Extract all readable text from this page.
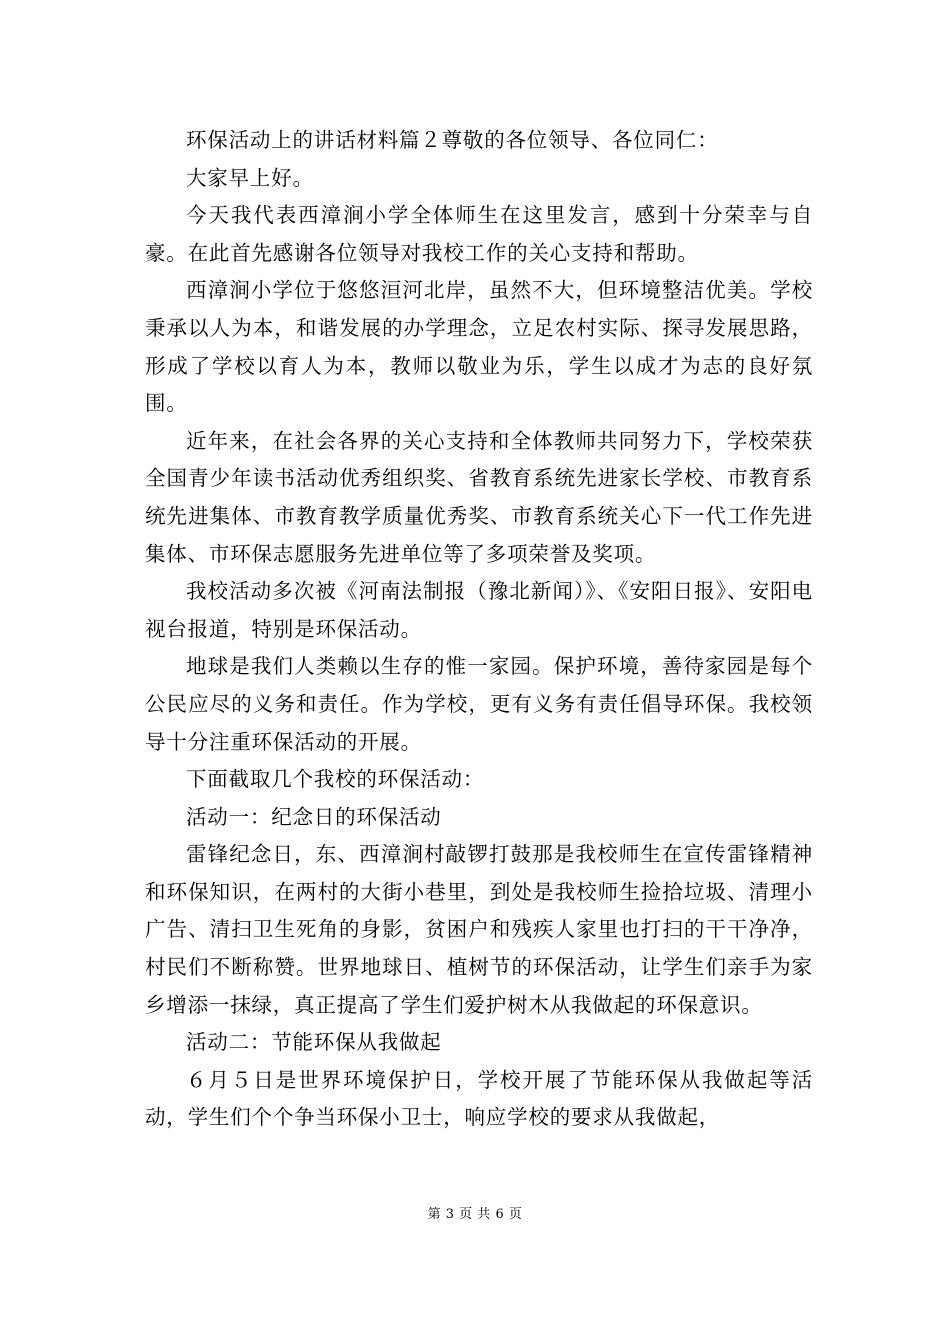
环保活动上的讲话材料篇２尊敬的各位领导、各位同仁：

大家早上好。

今天我代表西漳涧小学全体师生在这里发言，感到十分荣幸与自豪。在此首先感谢各位领导对我校工作的关心支持和帮助。

西漳涧小学位于悠悠洹河北岸，虽然不大，但环境整洁优美。学校秉承以人为本，和谐发展的办学理念，立足农村实际、探寻发展思路，形成了学校以育人为本，教师以敬业为乐，学生以成才为志的良好氛围。

近年来，在社会各界的关心支持和全体教师共同努力下，学校荣获全国青少年读书活动优秀组织奖、省教育系统先进家长学校、市教育系统先进集体、市教育教学质量优秀奖、市教育系统关心下一代工作先进集体、市环保志愿服务先进单位等了多项荣誉及奖项。

我校活动多次被《河南法制报（豫北新闻）》、《安阳日报》、安阳电视台报道，特别是环保活动。

地球是我们人类赖以生存的惟一家园。保护环境，善待家园是每个公民应尽的义务和责任。作为学校，更有义务有责任倡导环保。我校领导十分注重环保活动的开展。

下面截取几个我校的环保活动：

活动一：纪念日的环保活动

雷锋纪念日，东、西漳涧村敲锣打鼓那是我校师生在宣传雷锋精神和环保知识，在两村的大街小巷里，到处是我校师生捡拾垃圾、清理小广告、清扫卫生死角的身影，贫困户和残疾人家里也打扫的干干净净，村民们不断称赞。世界地球日、植树节的环保活动，让学生们亲手为家乡增添一抹绿，真正提高了学生们爱护树木从我做起的环保意识。

活动二：节能环保从我做起

６月５日是世界环境保护日，学校开展了节能环保从我做起等活动，学生们个个争当环保小卫士，响应学校的要求从我做起，

第 3 页 共 6 页
